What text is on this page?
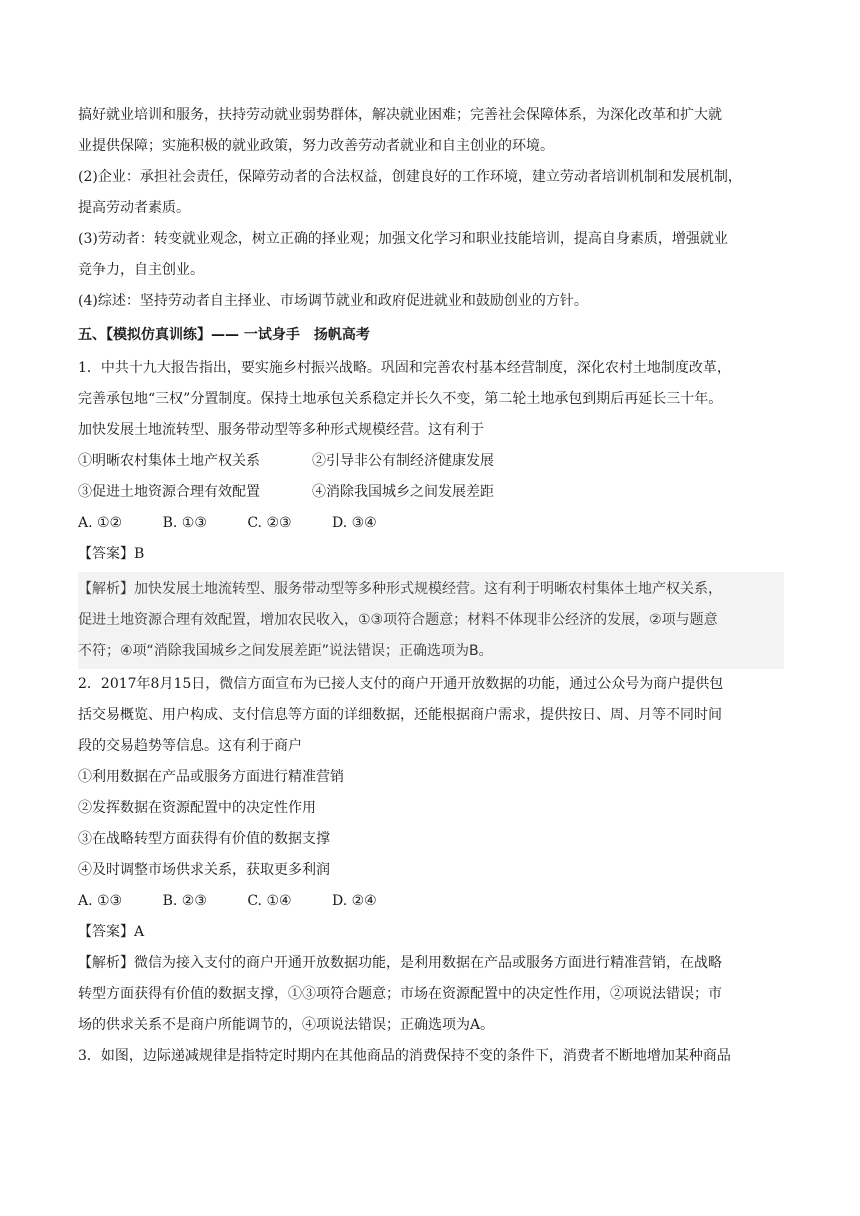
搞好就业培训和服务，扶持劳动就业弱势群体，解决就业困难；完善社会保障体系，为深化改革和扩大就

业提供保障；实施积极的就业政策，努力改善劳动者就业和自主创业的环境。

(2)企业：承担社会责任，保障劳动者的合法权益，创建良好的工作环境，建立劳动者培训机制和发展机制，

提高劳动者素质。

(3)劳动者：转变就业观念，树立正确的择业观；加强文化学习和职业技能培训，提高自身素质，增强就业

竞争力，自主创业。

(4)综述：坚持劳动者自主择业、市场调节就业和政府促进就业和鼓励创业的方针。

五、【模拟仿真训练】—— 一试身手　扬帆高考

1．中共十九大报告指出，要实施乡村振兴战略。巩固和完善农村基本经营制度，深化农村土地制度改革，

完善承包地“三权”分置制度。保持土地承包关系稳定并长久不变，第二轮土地承包到期后再延长三十年。

加快发展土地流转型、服务带动型等多种形式规模经营。这有利于

①明晰农村集体土地产权关系	②引导非公有制经济健康发展
③促进土地资源合理有效配置	④消除我国城乡之间发展差距
A. ①②	B. ①③	C. ②③	D. ③④

【答案】B

【解析】加快发展土地流转型、服务带动型等多种形式规模经营。这有利于明晰农村集体土地产权关系，

促进土地资源合理有效配置，增加农民收入，①③项符合题意；材料不体现非公经济的发展，②项与题意

不符；④项“消除我国城乡之间发展差距”说法错误；正确选项为B。

2．2017年8月15日，微信方面宣布为已接人支付的商户开通开放数据的功能，通过公众号为商户提供包

括交易概览、用户构成、支付信息等方面的详细数据，还能根据商户需求，提供按日、周、月等不同时间

段的交易趋势等信息。这有利于商户

①利用数据在产品或服务方面进行精准营销

②发挥数据在资源配置中的决定性作用

③在战略转型方面获得有价值的数据支撑

④及时调整市场供求关系，获取更多利润

A. ①③	B. ②③	C. ①④	D. ②④

【答案】A

【解析】微信为接入支付的商户开通开放数据功能，是利用数据在产品或服务方面进行精准营销，在战略

转型方面获得有价值的数据支撑，①③项符合题意；市场在资源配置中的决定性作用，②项说法错误；市

场的供求关系不是商户所能调节的，④项说法错误；正确选项为A。

3．如图，边际递减规律是指特定时期内在其他商品的消费保持不变的条件下，消费者不断地增加某种商品
